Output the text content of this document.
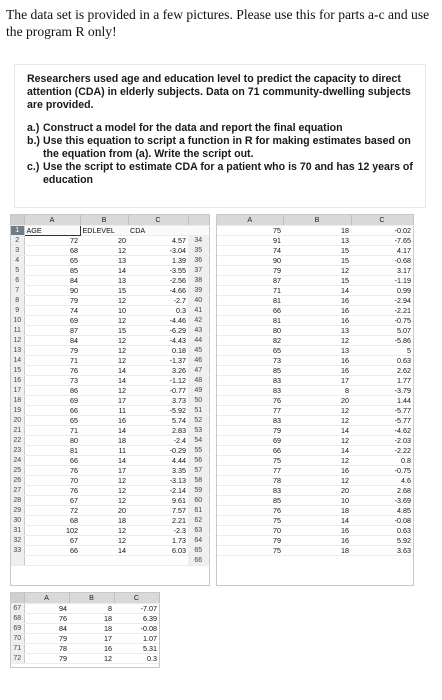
The data set is provided in a few pictures. Please use this for parts a-c and use the program R only!

Researchers used age and education level to predict the capacity to direct attention (CDA) in elderly subjects. Data on 71 community-dwelling subjects are provided.

a.) Construct a model for the data and report the final equation
b.) Use this equation to script a function in R for making estimates based on the equation from (a). Write the script out.
c.) Use the script to estimate CDA for a patient who is 70 and has 12 years of education
	A	B	C	
1	AGE	EDLEVEL	CDA	
2	72	20	4.57	34
3	68	12	-3.04	35
4	65	13	1.39	36
5	85	14	-3.55	37
6	84	13	-2.56	38
7	90	15	-4.66	39
8	79	12	-2.7	40
9	74	10	0.3	41
10	69	12	-4.46	42
11	87	15	-6.29	43
12	84	12	-4.43	44
13	79	12	0.18	45
14	71	12	-1.37	46
15	76	14	3.26	47
16	73	14	-1.12	48
17	86	12	-0.77	49
18	69	17	3.73	50
19	66	11	-5.92	51
20	65	16	5.74	52
21	71	14	2.83	53
22	80	18	-2.4	54
23	81	11	-0.29	55
24	66	14	4.44	56
25	76	17	3.35	57
26	70	12	-3.13	58
27	76	12	-2.14	59
28	67	12	9.61	60
29	72	20	7.57	61
30	68	18	2.21	62
31	102	12	-2.3	63
32	67	12	1.73	64
33	66	14	6.03	65
				66
A	B	C
75	18	-0.02
91	13	-7.65
74	15	4.17
90	15	-0.68
79	12	3.17
87	15	-1.19
71	14	0.99
81	16	-2.94
66	16	-2.21
81	16	-0.75
80	13	5.07
82	12	-5.86
65	13	5
73	16	0.63
85	16	2.62
83	17	1.77
83	8	-3.79
76	20	1.44
77	12	-5.77
83	12	-5.77
79	14	-4.62
69	12	-2.03
66	14	-2.22
75	12	0.8
77	16	-0.75
78	12	4.6
83	20	2.68
85	10	-3.69
76	18	4.85
75	14	-0.08
70	16	0.63
79	16	5.92
75	18	3.63
	A	B	C
67	94	8	-7.07
68	76	18	6.39
69	84	18	-0.08
70	79	17	1.07
71	78	16	5.31
72	79	12	0.3
